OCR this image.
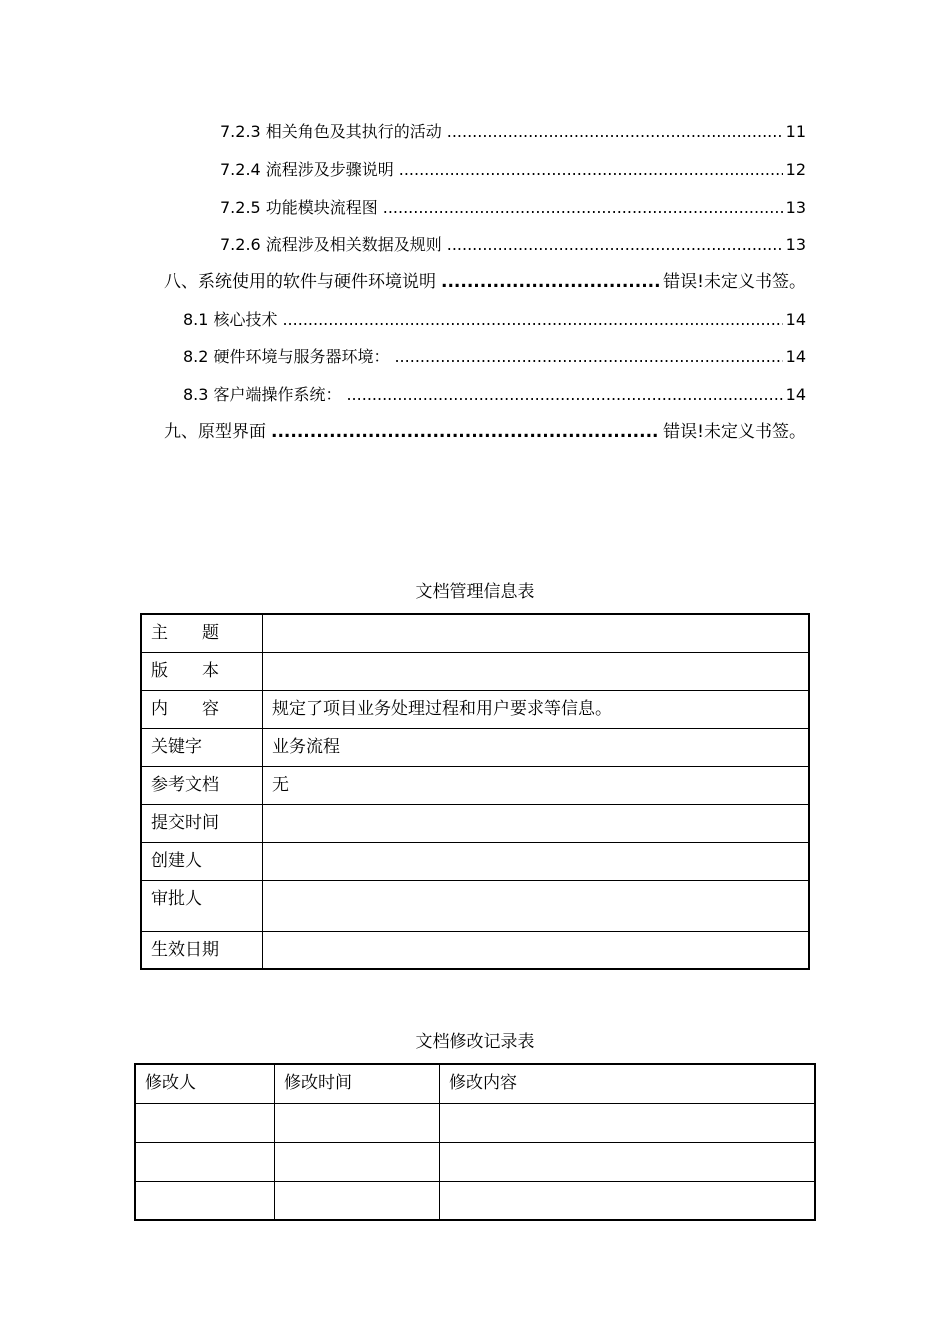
7.2.3 相关角色及其执行的活动 .....	11
7.2.4 流程涉及步骤说明 .....	12
7.2.5 功能模块流程图 .....	13
7.2.6 流程涉及相关数据及规则 .....	13
八、系统使用的软件与硬件环境说明 .....	错误!未定义书签。
8.1 核心技术 .....	14
8.2 硬件环境与服务器环境： .....	14
8.3 客户端操作系统： .....	14
九、原型界面 .....	错误!未定义书签。
文档管理信息表
主　　题	
版　　本	
内　　容	规定了项目业务处理过程和用户要求等信息。
关键字	业务流程
参考文档	无
提交时间	
创建人	
审批人	
生效日期	
文档修改记录表
修改人	修改时间	修改内容
